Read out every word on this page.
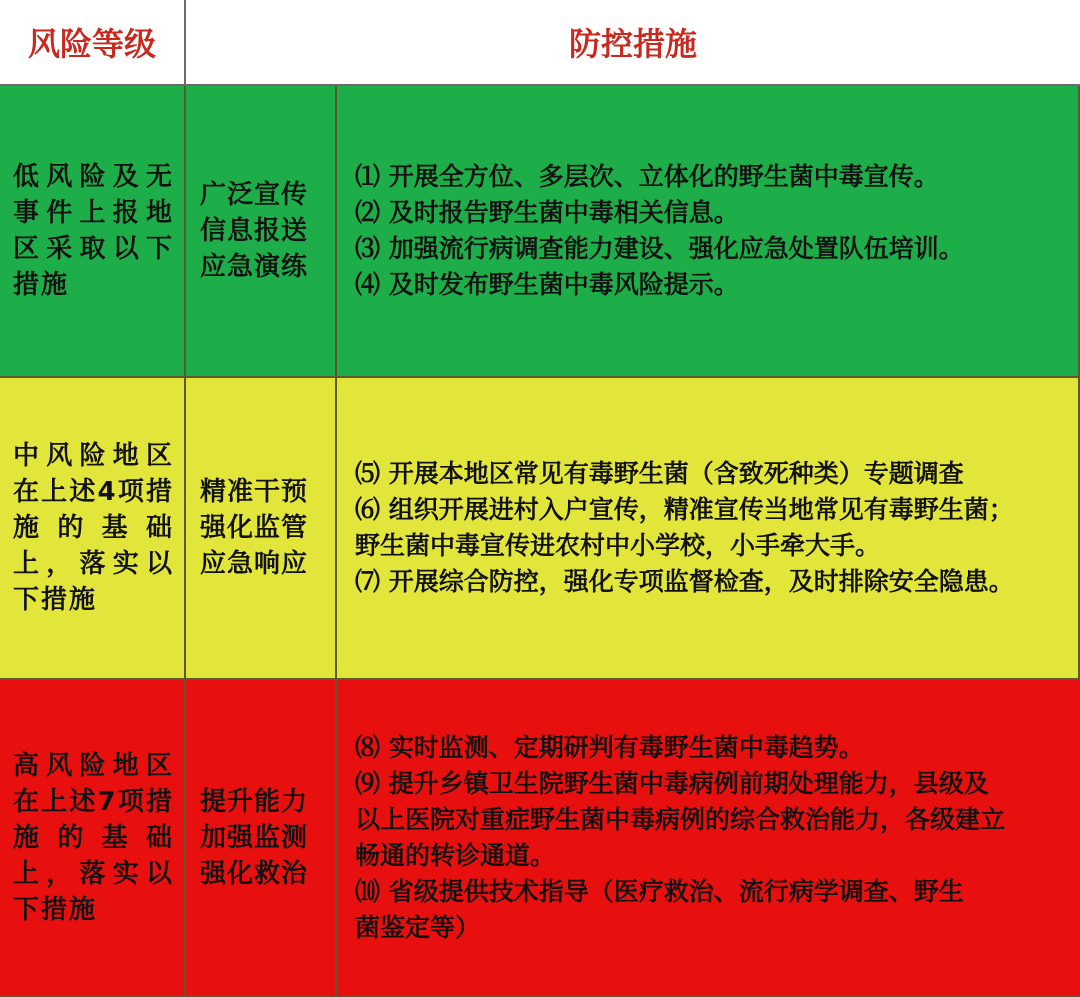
风险等级	防控措施
低风险及无事件上报地区采取以下措施
广泛宣传
信息报送
应急演练
⑴ 开展全方位、多层次、立体化的野生菌中毒宣传。
⑵ 及时报告野生菌中毒相关信息。
⑶ 加强流行病调查能力建设、强化应急处置队伍培训。
⑷ 及时发布野生菌中毒风险提示。
中风险地区在上述4项措施的基础上，落实以下措施
精准干预
强化监管
应急响应
⑸ 开展本地区常见有毒野生菌（含致死种类）专题调查
⑹ 组织开展进村入户宣传，精准宣传当地常见有毒野生菌；
野生菌中毒宣传进农村中小学校，小手牵大手。
⑺ 开展综合防控，强化专项监督检查，及时排除安全隐患。
高风险地区在上述7项措施的基础上，落实以下措施
提升能力
加强监测
强化救治
⑻ 实时监测、定期研判有毒野生菌中毒趋势。
⑼ 提升乡镇卫生院野生菌中毒病例前期处理能力，县级及
以上医院对重症野生菌中毒病例的综合救治能力，各级建立
畅通的转诊通道。
⑽ 省级提供技术指导（医疗救治、流行病学调查、野生
菌鉴定等）
